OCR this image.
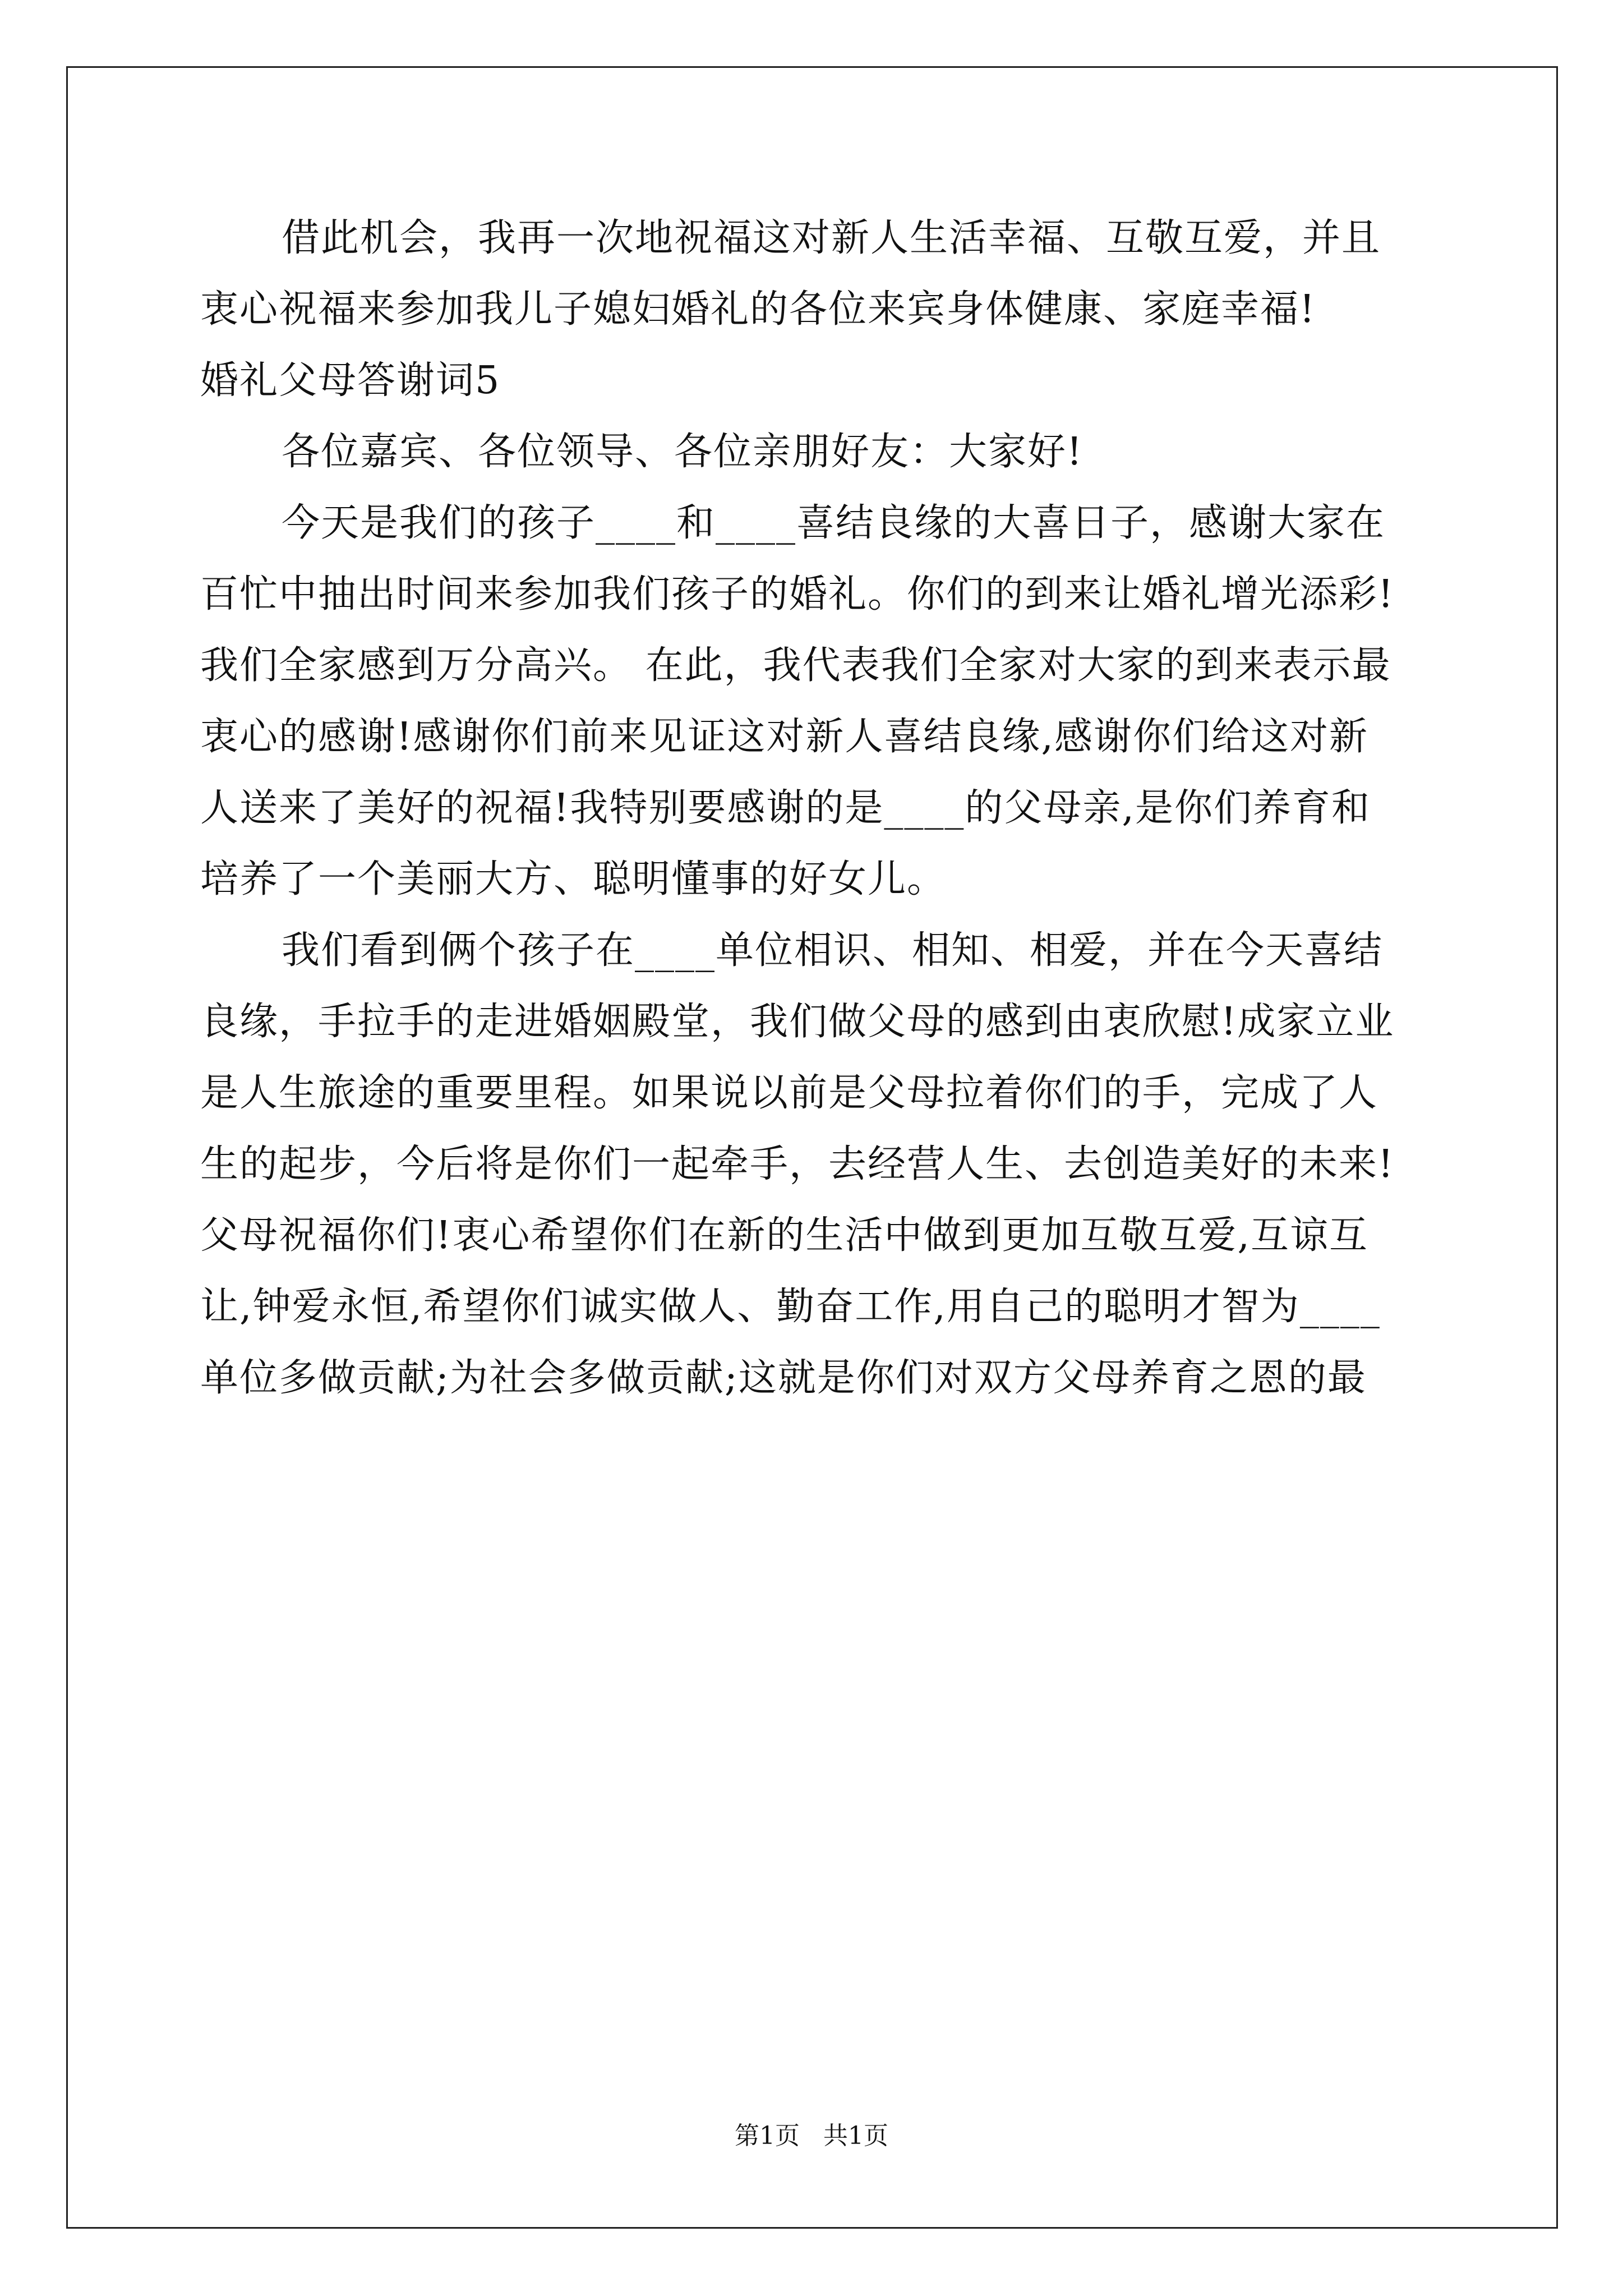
借此机会，我再一次地祝福这对新人生活幸福、互敬互爱，并且
衷心祝福来参加我儿子媳妇婚礼的各位来宾身体健康、家庭幸福!
婚礼父母答谢词5
各位嘉宾、各位领导、各位亲朋好友：大家好!
今天是我们的孩子____和____喜结良缘的大喜日子，感谢大家在
百忙中抽出时间来参加我们孩子的婚礼。你们的到来让婚礼增光添彩!
我们全家感到万分高兴。 在此，我代表我们全家对大家的到来表示最
衷心的感谢!感谢你们前来见证这对新人喜结良缘,感谢你们给这对新
人送来了美好的祝福!我特别要感谢的是____的父母亲,是你们养育和
培养了一个美丽大方、聪明懂事的好女儿。
我们看到俩个孩子在____单位相识、相知、相爱，并在今天喜结
良缘，手拉手的走进婚姻殿堂，我们做父母的感到由衷欣慰!成家立业
是人生旅途的重要里程。如果说以前是父母拉着你们的手，完成了人
生的起步，今后将是你们一起牵手，去经营人生、去创造美好的未来!
父母祝福你们!衷心希望你们在新的生活中做到更加互敬互爱,互谅互
让,钟爱永恒,希望你们诚实做人、勤奋工作,用自己的聪明才智为____
单位多做贡献;为社会多做贡献;这就是你们对双方父母养育之恩的最
第1页   共1页
